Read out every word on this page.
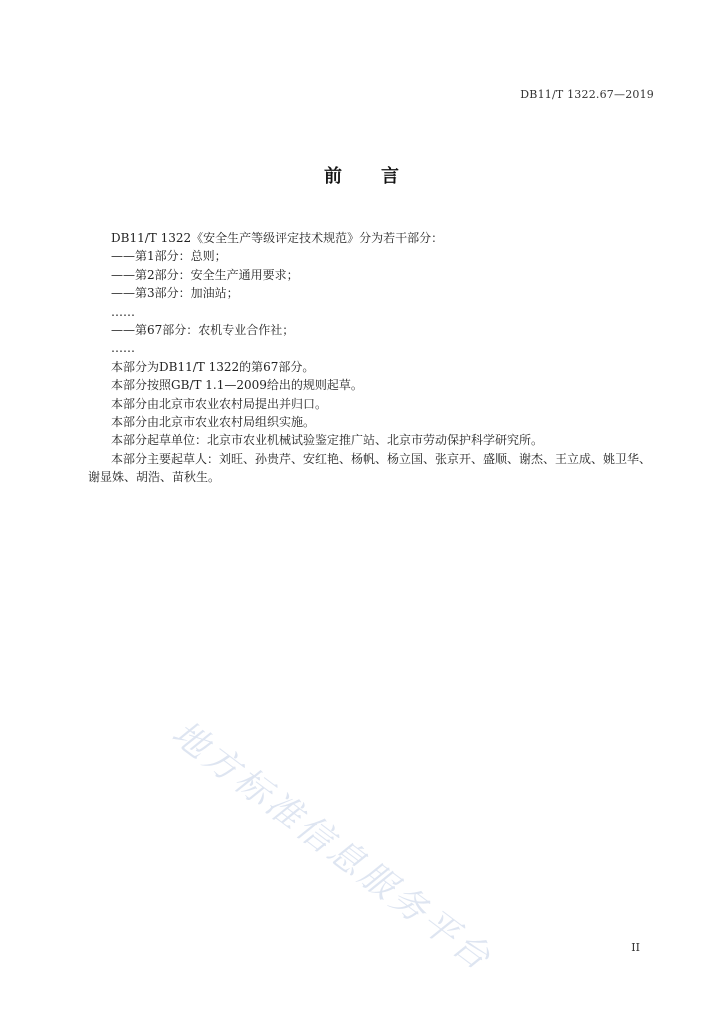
DB11/T 1322.67—2019
前 言
DB11/T 1322《安全生产等级评定技术规范》分为若干部分：
——第1部分：总则；
——第2部分：安全生产通用要求；
——第3部分：加油站；
……
——第67部分：农机专业合作社；
……
本部分为DB11/T 1322的第67部分。
本部分按照GB/T 1.1—2009给出的规则起草。
本部分由北京市农业农村局提出并归口。
本部分由北京市农业农村局组织实施。
本部分起草单位：北京市农业机械试验鉴定推广站、北京市劳动保护科学研究所。
本部分主要起草人：刘旺、孙贵芹、安红艳、杨帆、杨立国、张京开、盛顺、谢杰、王立成、姚卫华、谢显姝、胡浩、苗秋生。
地方标准信息服务平台	II
